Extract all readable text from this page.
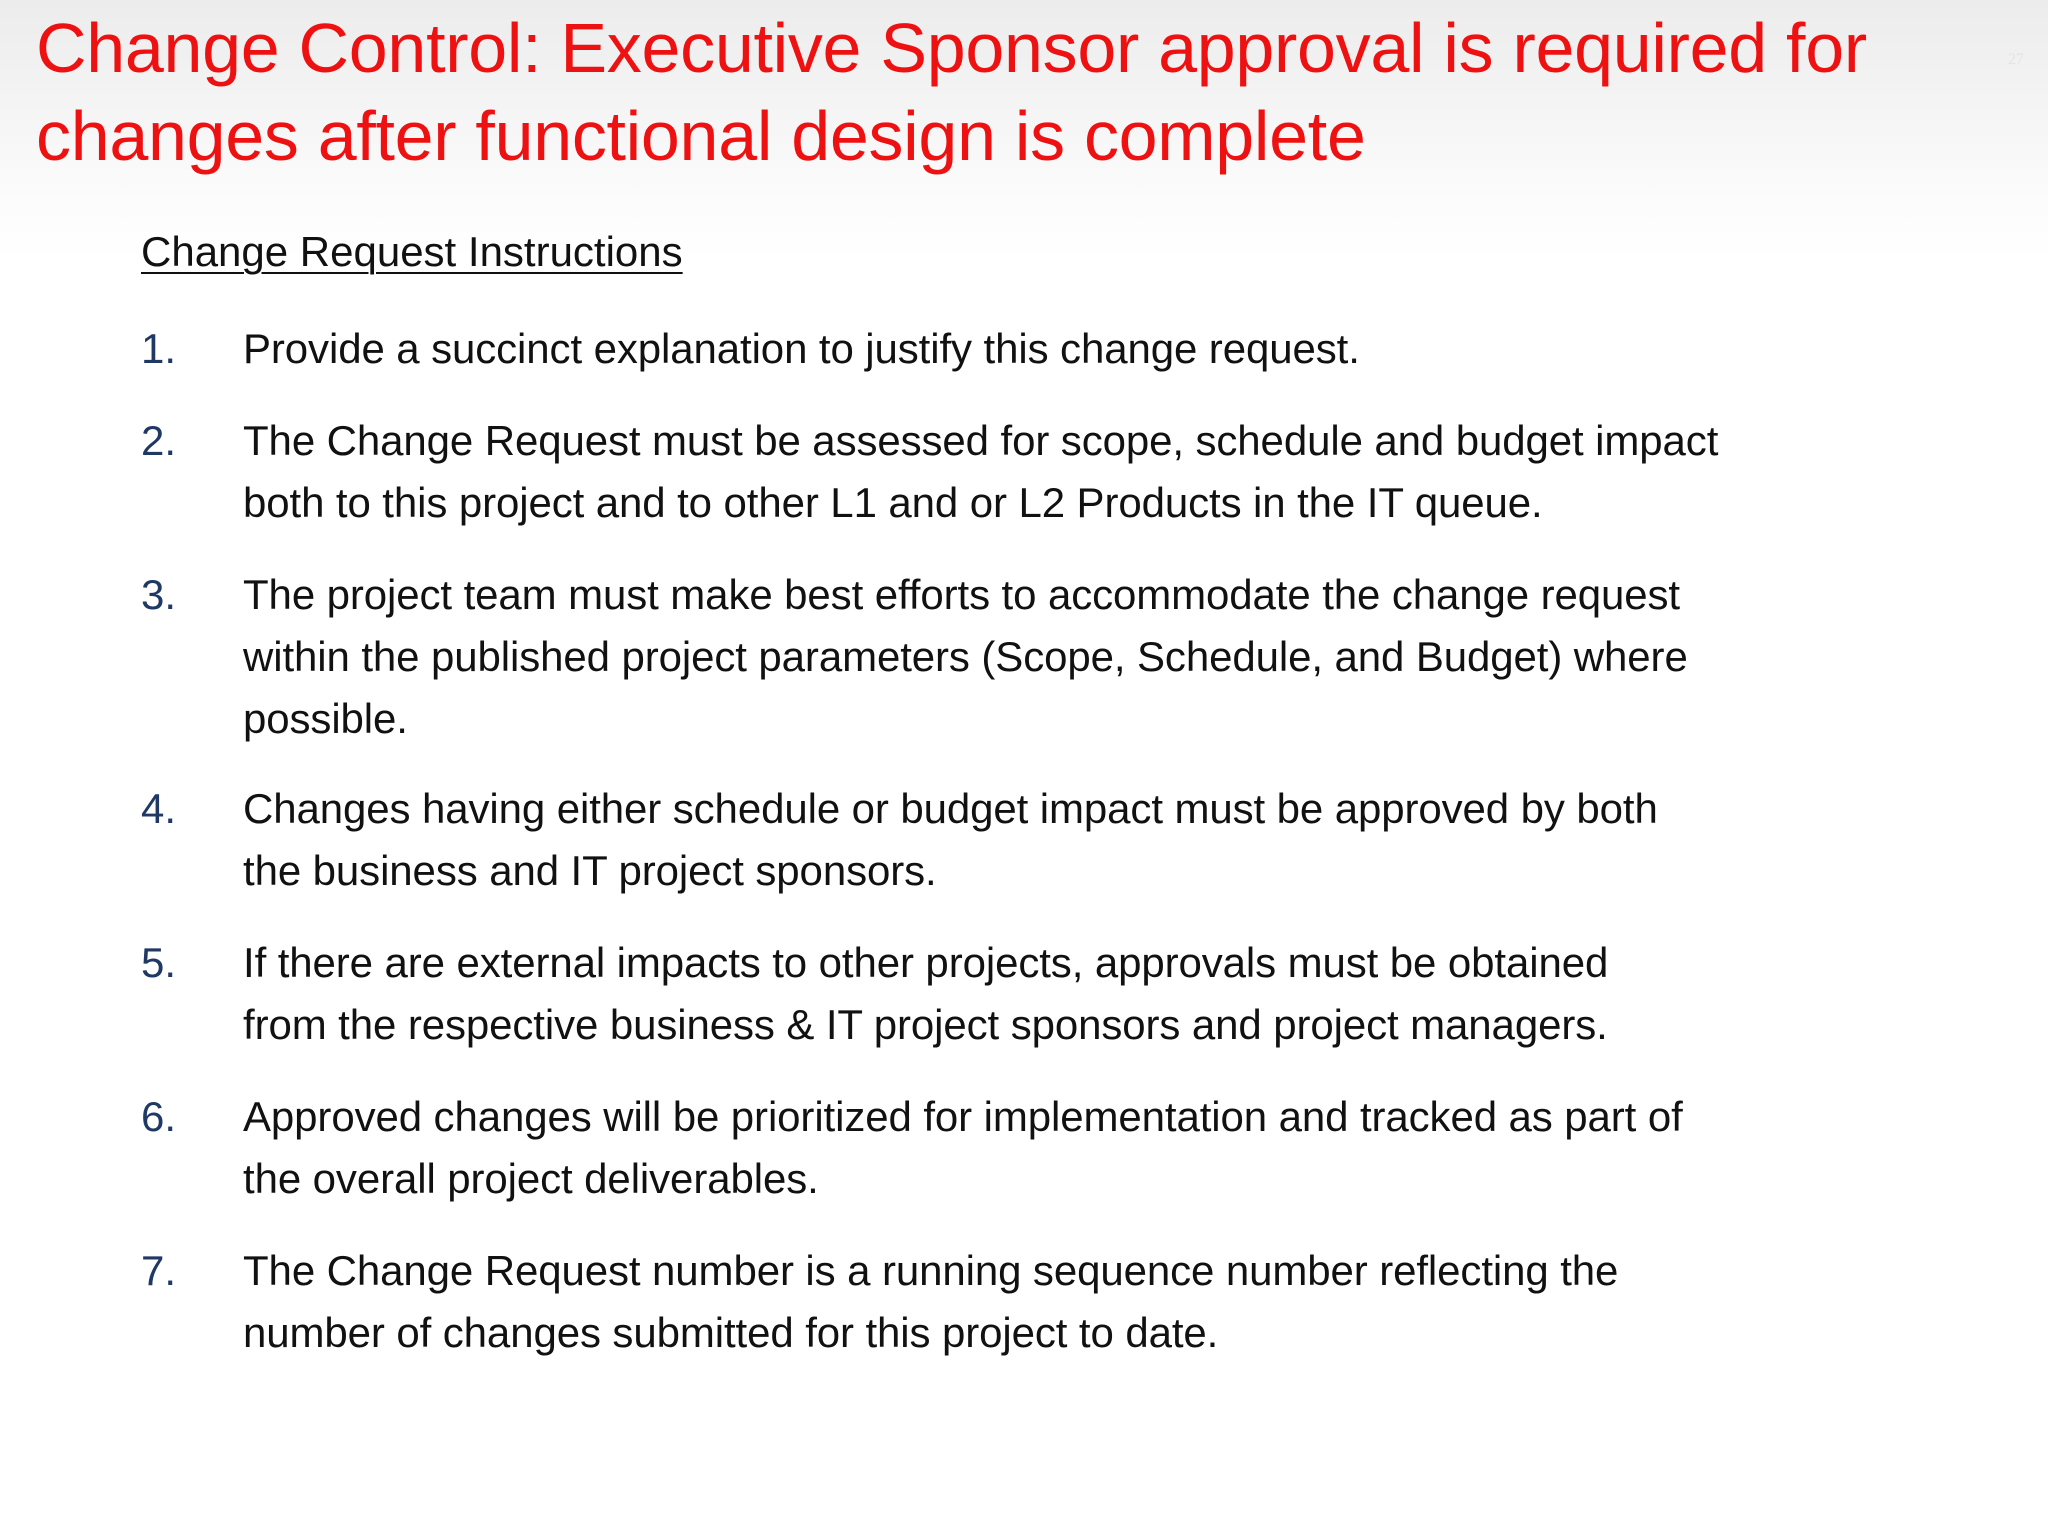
Change Control: Executive Sponsor approval is required for
changes after functional design is complete
27
Change Request Instructions
1. Provide a succinct explanation to justify this change request.

2. The Change Request must be assessed for scope, schedule and budget impact
both to this project and to other L1 and or L2 Products in the IT queue.

3. The project team must make best efforts to accommodate the change request
within the published project parameters (Scope, Schedule, and Budget) where
possible.

4. Changes having either schedule or budget impact must be approved by both
the business and IT project sponsors.

5. If there are external impacts to other projects, approvals must be obtained
from the respective business & IT project sponsors and project managers.

6. Approved changes will be prioritized for implementation and tracked as part of
the overall project deliverables.

7. The Change Request number is a running sequence number reflecting the
number of changes submitted for this project to date.
